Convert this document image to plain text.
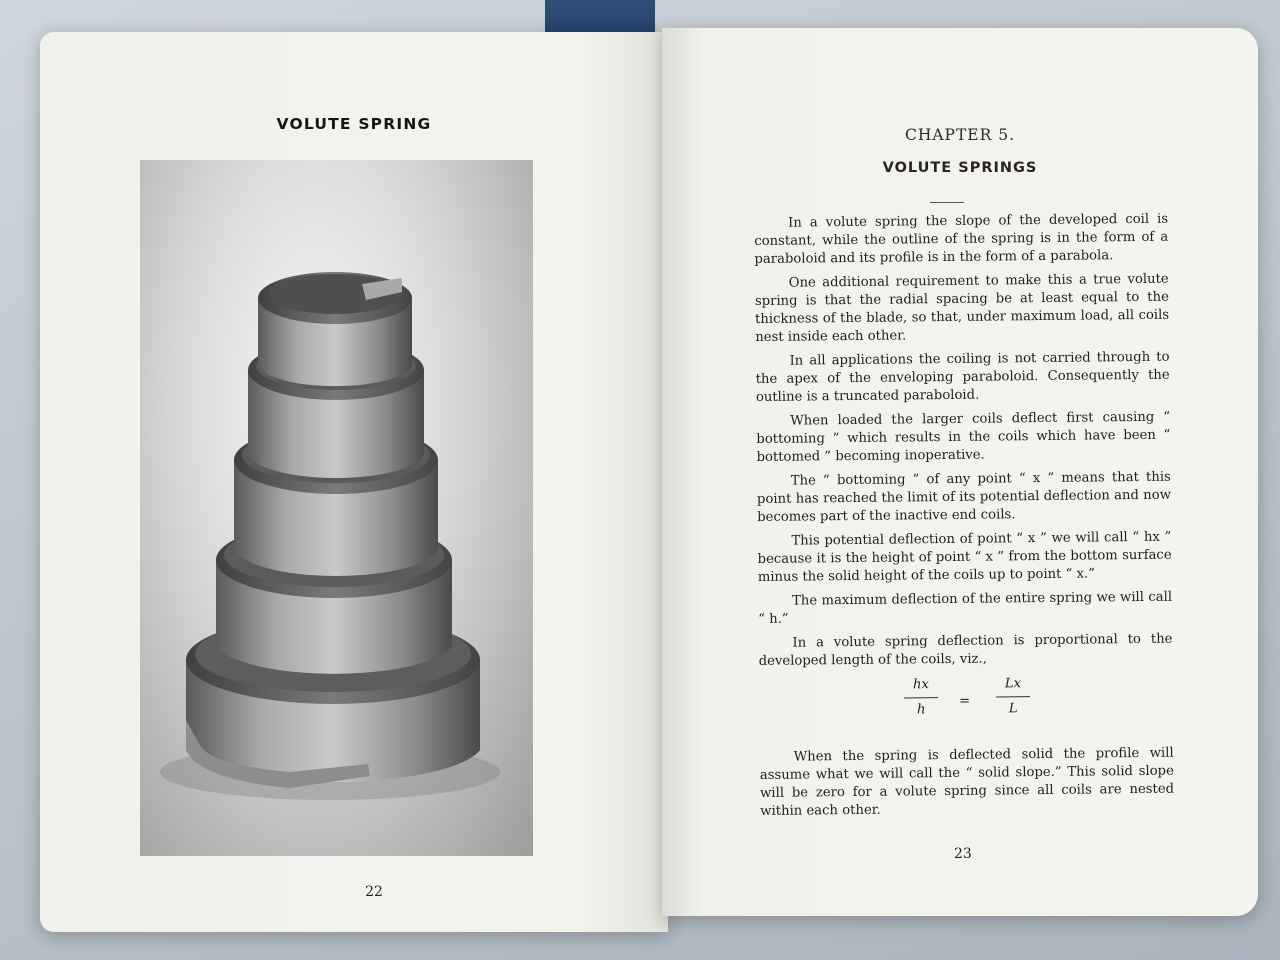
VOLUTE SPRING
22
CHAPTER 5.
VOLUTE SPRINGS

In a volute spring the slope of the developed coil is constant, while the outline of the spring is in the form of a paraboloid and its profile is in the form of a parabola.

One additional requirement to make this a true volute spring is that the radial spacing be at least equal to the thickness of the blade, so that, under maximum load, all coils nest inside each other.

In all applications the coiling is not carried through to the apex of the enveloping paraboloid. Consequently the outline is a truncated paraboloid.

When loaded the larger coils deflect first causing “ bottoming ” which results in the coils which have been “ bottomed ” becoming inoperative.

The “ bottoming ” of any point “ x ” means that this point has reached the limit of its potential deflection and now becomes part of the inactive end coils.

This potential deflection of point “ x ” we will call “ hx ” because it is the height of point “ x ” from the bottom surface minus the solid height of the coils up to point “ x.”

The maximum deflection of the entire spring we will call “ h.”

In a volute spring deflection is proportional to the developed length of the coils, viz.,

hx
h
=
Lx
L

When the spring is deflected solid the profile will assume what we will call the “ solid slope.” This solid slope will be zero for a volute spring since all coils are nested within each other.

23
